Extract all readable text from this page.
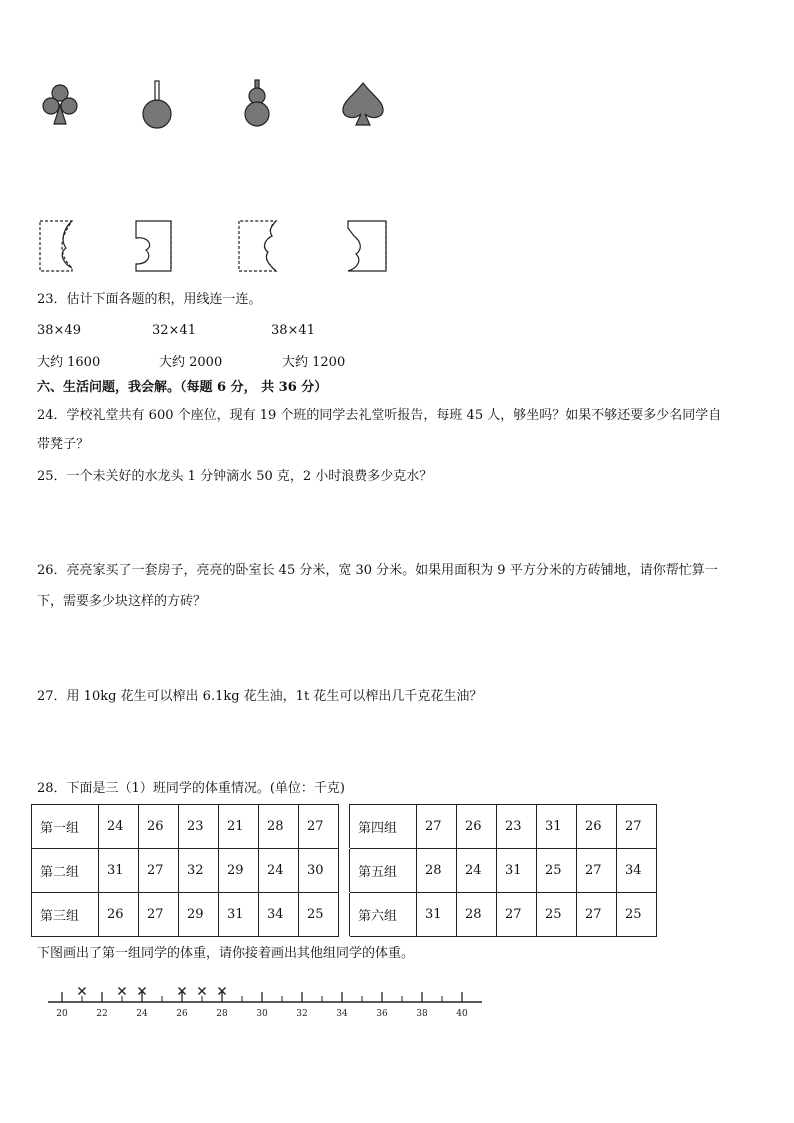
23．估计下面各题的积，用线连一连。
38×49	32×41	38×41
大约 1600	大约 2000	大约 1200
六、生活问题，我会解。（每题 6 分， 共 36 分）
24．学校礼堂共有 600 个座位，现有 19 个班的同学去礼堂听报告，每班 45 人，够坐吗？如果不够还要多少名同学自
带凳子？
25．一个未关好的水龙头 1 分钟滴水 50 克，2 小时浪费多少克水？
26．亮亮家买了一套房子，亮亮的卧室长 45 分米，宽 30 分米。如果用面积为 9 平方分米的方砖铺地，请你帮忙算一
下，需要多少块这样的方砖？
27．用 10kg 花生可以榨出 6.1kg 花生油，1t 花生可以榨出几千克花生油？
28．下面是三（1）班同学的体重情况。(单位：千克)
第一组	24	26	23	21	28	27		第四组	27	26	23	31	26	27
第二组	31	27	32	29	24	30		第五组	28	24	31	25	27	34
第三组	26	27	29	31	34	25		第六组	31	28	27	25	27	25
下图画出了第一组同学的体重，请你接着画出其他组同学的体重。
20	22	24	26	28	30	32	34	36	38	40
